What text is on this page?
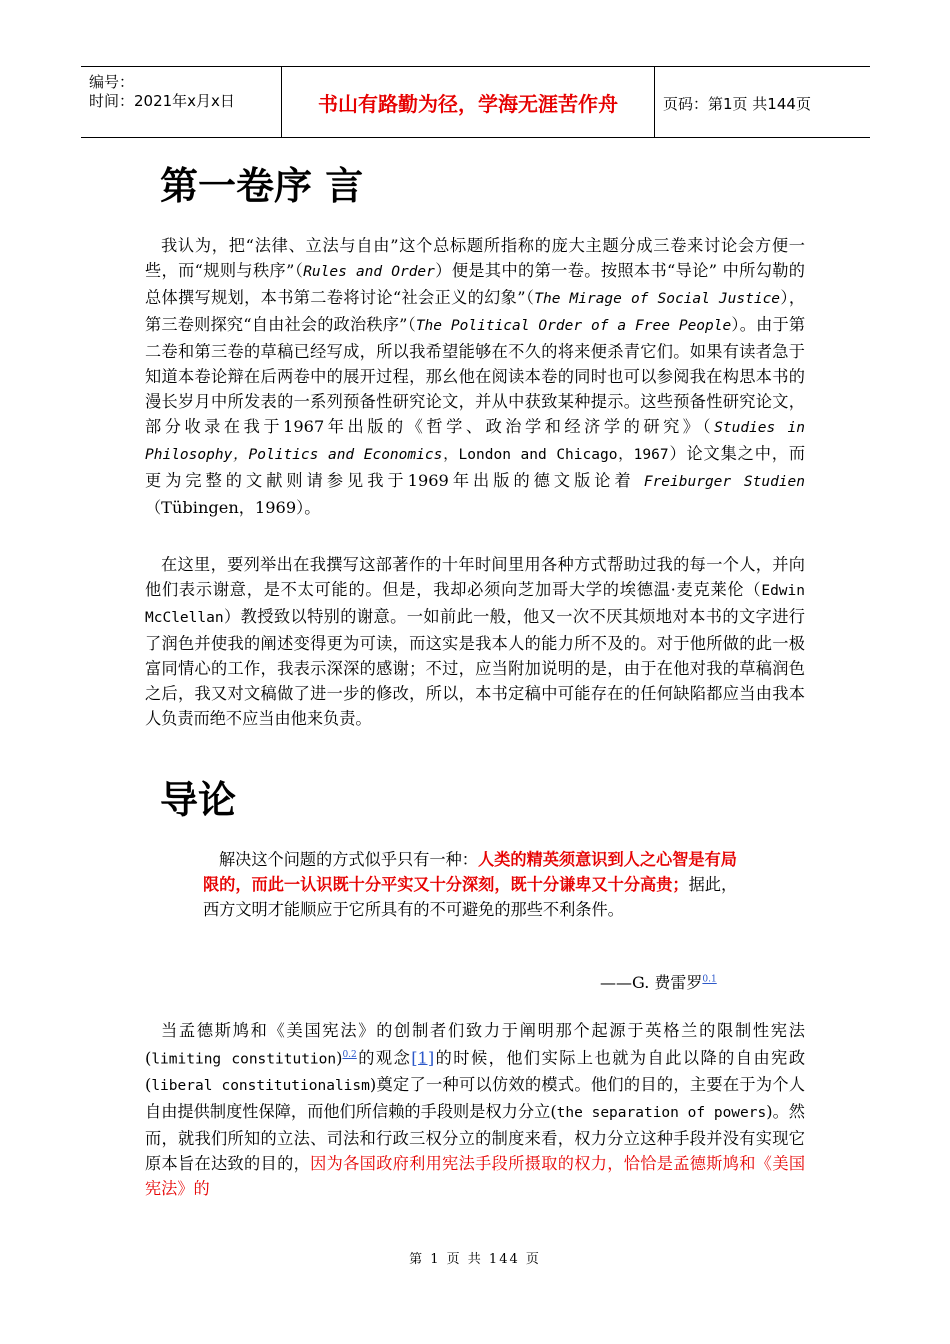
编号：
时间：2021年x月x日	书山有路勤为径，学海无涯苦作舟	页码：第1页 共144页
第一卷序 言

我认为，把“法律、立法与自由”这个总标题所指称的庞大主题分成三卷来讨论会方便一些，而“规则与秩序”（Rules and Order）便是其中的第一卷。按照本书“导论” 中所勾勒的总体撰写规划，本书第二卷将讨论“社会正义的幻象”（The Mirage of Social Justice），第三卷则探究“自由社会的政治秩序”（The Political Order of a Free People）。由于第二卷和第三卷的草稿已经写成，所以我希望能够在不久的将来便杀青它们。如果有读者急于知道本卷论辩在后两卷中的展开过程，那幺他在阅读本卷的同时也可以参阅我在构思本书的漫长岁月中所发表的一系列预备性研究论文，并从中获致某种提示。这些预备性研究论文，部分收录在我于1967年出版的《哲学、政治学和经济学的研究》（Studies in Philosophy，Politics and Economics，London and Chicago，1967）论文集之中，而更为完整的文献则请参见我于1969年出版的德文版论着 Freiburger Studien（Tübingen，1969）。

在这里，要列举出在我撰写这部著作的十年时间里用各种方式帮助过我的每一个人，并向他们表示谢意，是不太可能的。但是，我却必须向芝加哥大学的埃德温·麦克莱伦（Edwin McClellan）教授致以特别的谢意。一如前此一般，他又一次不厌其烦地对本书的文字进行了润色并使我的阐述变得更为可读，而这实是我本人的能力所不及的。对于他所做的此一极富同情心的工作，我表示深深的感谢；不过，应当附加说明的是，由于在他对我的草稿润色之后，我又对文稿做了进一步的修改，所以，本书定稿中可能存在的任何缺陷都应当由我本人负责而绝不应当由他来负责。

导论

解决这个问题的方式似乎只有一种：人类的精英须意识到人之心智是有局限的，而此一认识既十分平实又十分深刻，既十分谦卑又十分高贵；据此，西方文明才能顺应于它所具有的不可避免的那些不利条件。

——G. 费雷罗$^{0.1}$

当孟德斯鸠和《美国宪法》的创制者们致力于阐明那个起源于英格兰的限制性宪法(limiting constitution)$^{0.2}$的观念[1]的时候，他们实际上也就为自此以降的自由宪政(liberal constitutionalism)奠定了一种可以仿效的模式。他们的目的，主要在于为个人自由提供制度性保障，而他们所信赖的手段则是权力分立(the separation of powers)。然而，就我们所知的立法、司法和行政三权分立的制度来看，权力分立这种手段并没有实现它原本旨在达致的目的，因为各国政府利用宪法手段所摄取的权力，恰恰是孟德斯鸠和《美国宪法》的

第 1 页 共 144 页
